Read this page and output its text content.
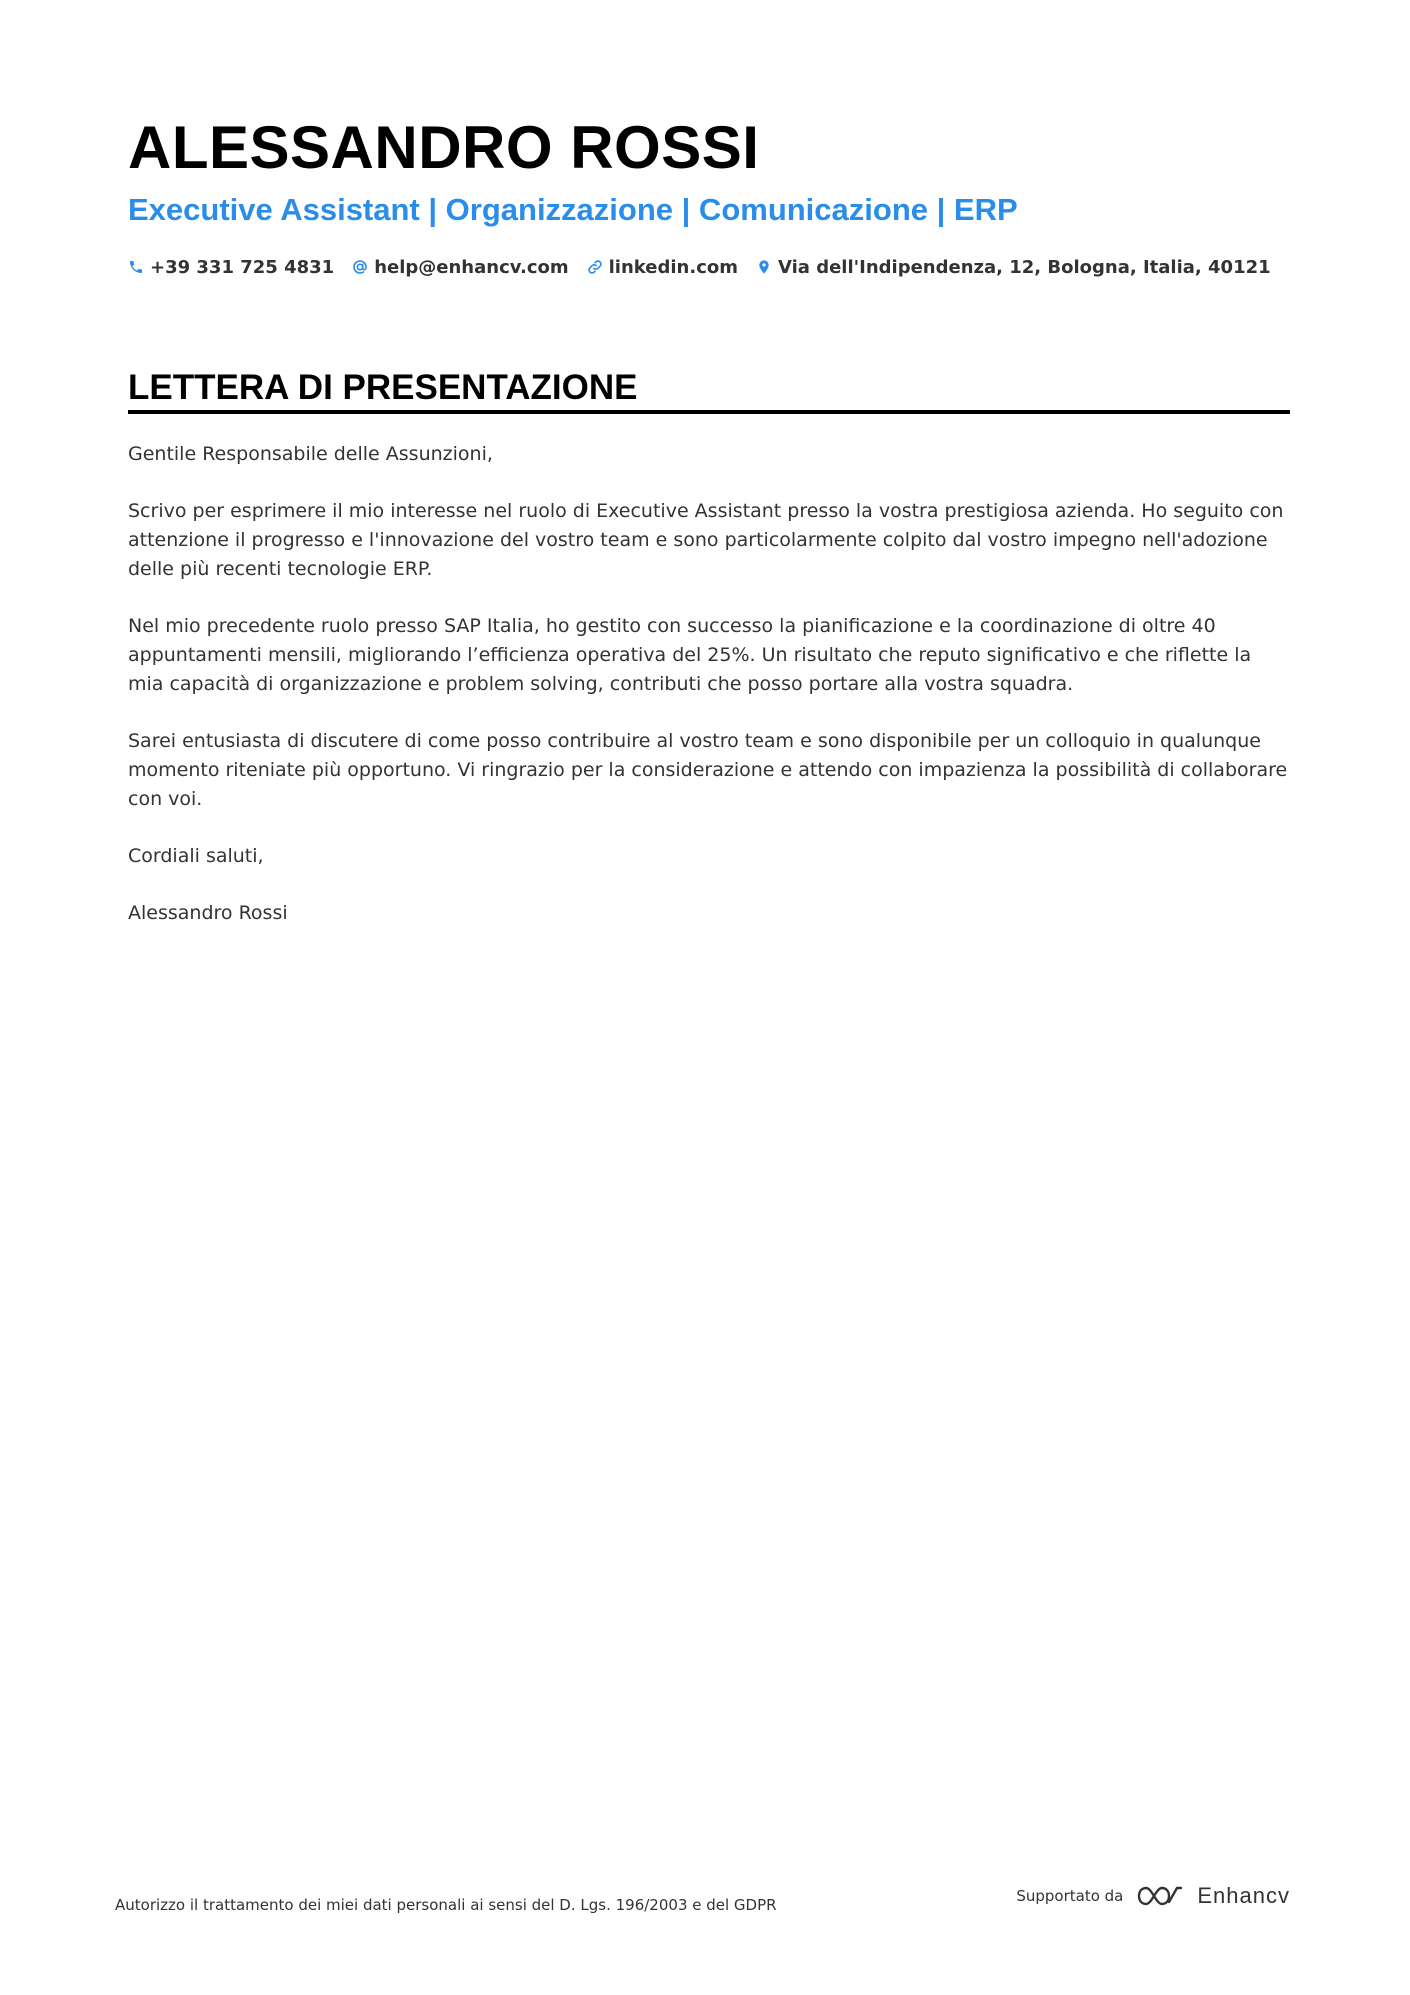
ALESSANDRO ROSSI
Executive Assistant | Organizzazione | Comunicazione | ERP
+39 331 725 4831 help@enhancv.com linkedin.com Via dell'Indipendenza, 12, Bologna, Italia, 40121
LETTERA DI PRESENTAZIONE

Gentile Responsabile delle Assunzioni,

Scrivo per esprimere il mio interesse nel ruolo di Executive Assistant presso la vostra prestigiosa azienda. Ho seguito con attenzione il progresso e l'innovazione del vostro team e sono particolarmente colpito dal vostro impegno nell'adozione delle più recenti tecnologie ERP.

Nel mio precedente ruolo presso SAP Italia, ho gestito con successo la pianificazione e la coordinazione di oltre 40 appuntamenti mensili, migliorando l’efficienza operativa del 25%. Un risultato che reputo significativo e che riflette la mia capacità di organizzazione e problem solving, contributi che posso portare alla vostra squadra.

Sarei entusiasta di discutere di come posso contribuire al vostro team e sono disponibile per un colloquio in qualunque momento riteniate più opportuno. Vi ringrazio per la considerazione e attendo con impazienza la possibilità di collaborare con voi.

Cordiali saluti,

Alessandro Rossi

Autorizzo il trattamento dei miei dati personali ai sensi del D. Lgs. 196/2003 e del GDPR	Supportato da	Enhancv
